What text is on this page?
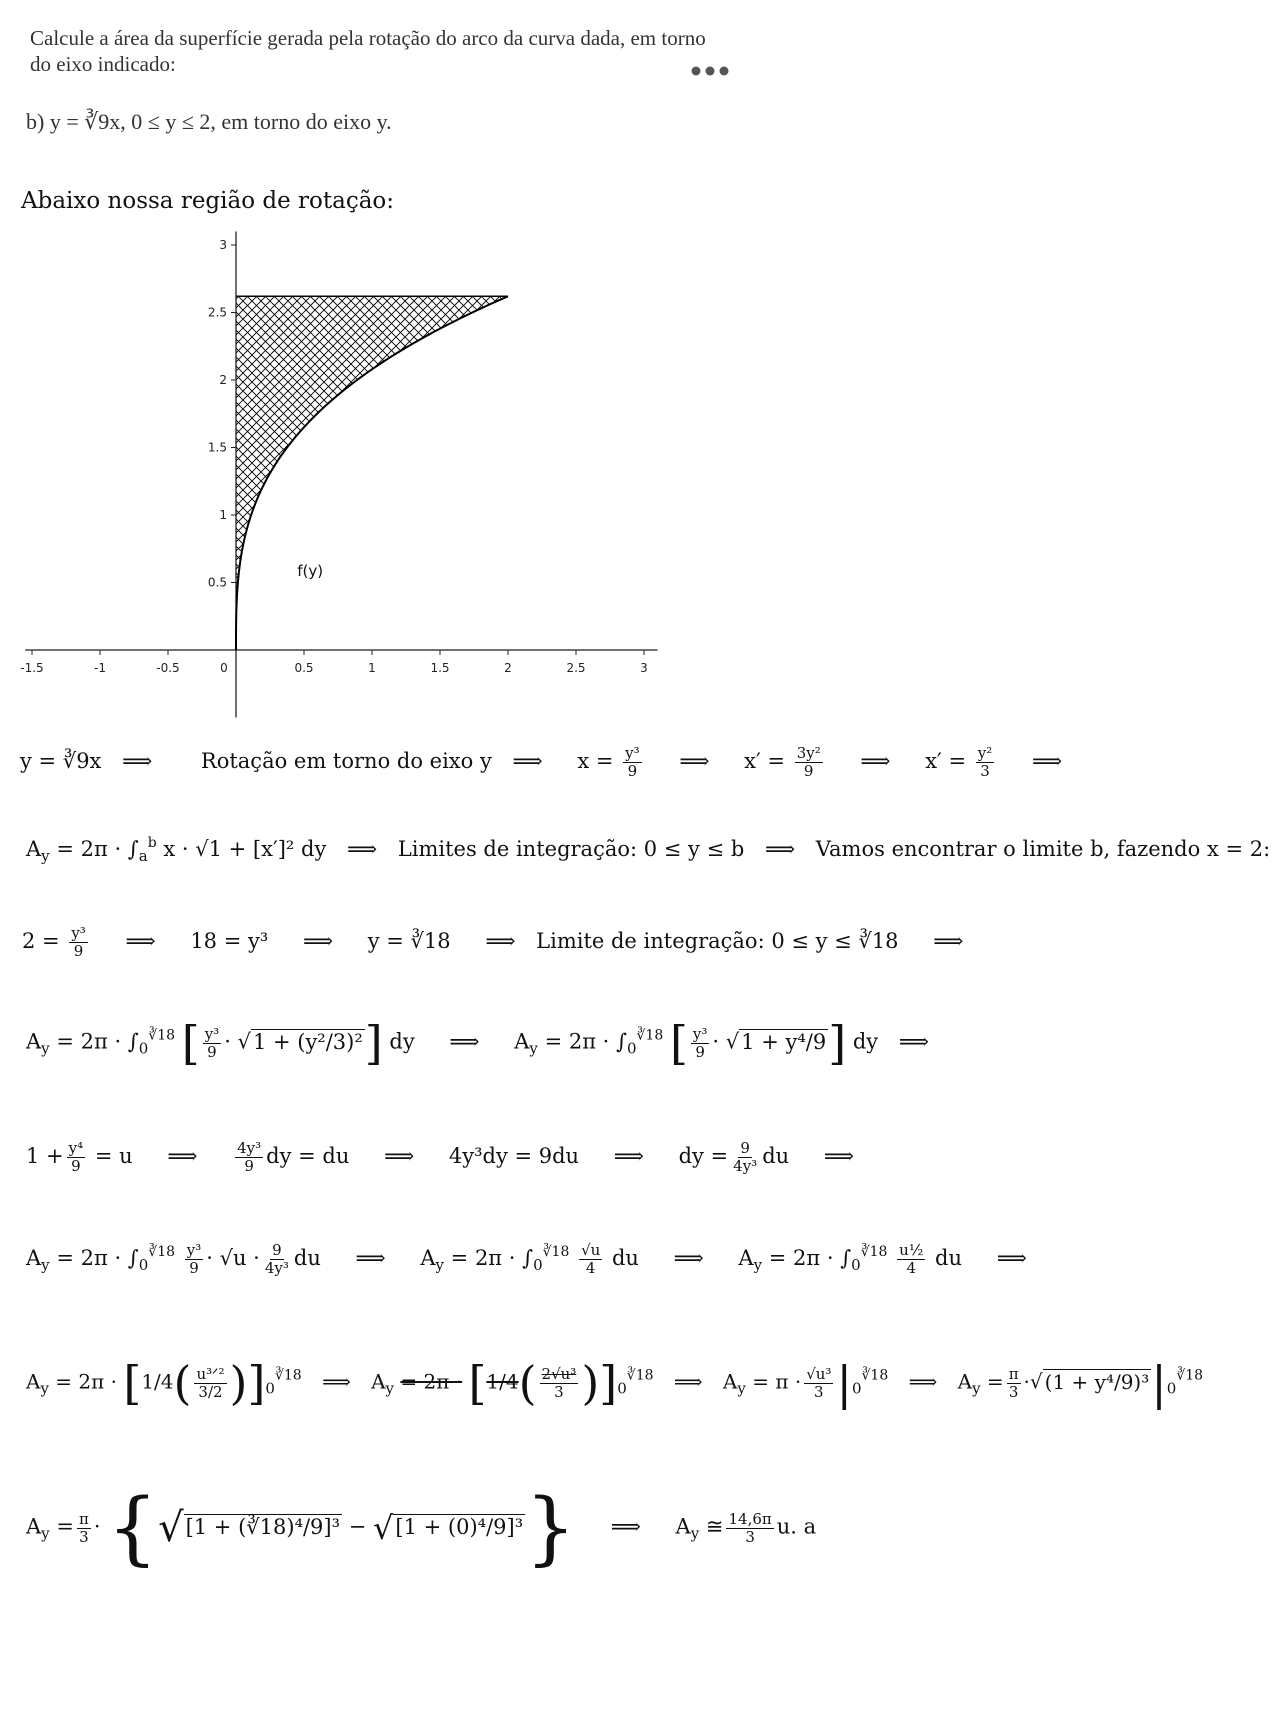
Calcule a área da superfície gerada pela rotação do arco da curva dada, em torno
do eixo indicado:
b) y = ∛9x, 0 ≤ y ≤ 2, em torno do eixo y.
Abaixo nossa região de rotação:
-1.5	-1	-0.5	0	0.5	1	1.5	2	2.5	3
0.5
1
1.5
2
2.5
3
f(y)
y = ∛9x ⟹ Rotação em torno do eixo y ⟹ $x = \frac{\text{y³}}{9}$ ⟹ $x' = \frac{\text{3y²}}{9}$ ⟹ $x' = \frac{\text{y²}}{3}$ ⟹
$A_y = 2\pi \cdot \int_a^b$ x · √1 + [x′]² dy ⟹ Limites de integração: 0 ≤ y ≤ b ⟹ Vamos encontrar o limite b, fazendo x = 2:
$2 = \frac{\text{y³}}{9}$ ⟹ 18 = y³ ⟹ y = ∛18 ⟹ Limite de integração: 0 ≤ y ≤ ∛18 ⟹
$A_y = 2\pi \cdot \int_0^{∛18}$ [ $\frac{\text{y³}}{9} \cdot √1 + (y^2/3)^2$] dy ⟹ $A_y = 2\pi \cdot \int_0^{∛18}$ [ $\frac{\text{y³}}{9} \cdot √1 + y^4/9$] dy ⟹
$1 + \frac{\text{y⁴}}{9} = u$ ⟹	$\frac{\text{4y³}}{9}$ dy = du ⟹ 4y³dy = 9du ⟹ dy = $\frac{9}{\text{4y³}}$ du ⟹
$A_y = 2\pi \cdot \int_0^{∛18} \frac{\text{y³}}{9} \cdot √u \cdot \frac{9}{\text{4y³}}$ du ⟹ $A_y = 2\pi \cdot \int_0^{∛18} \frac{√u}{4}$ du ⟹ $A_y = 2\pi \cdot \int_0^{∛18} \frac{\text{u½}}{4}$ du ⟹
$A_y = 2\pi \cdot [1/4( \frac{\text{u³ᐟ²}}{3/2} )]_0^{∛18}$ ⟹ $A_y = 2\pi \cdot [1/4( \frac{\text{2√u³}}{3} )]_0^{∛18}$ ⟹ $A_y = \pi \cdot \frac{\text{√u³}}{3} |_0^{∛18}$ ⟹ $A_y = \frac{\pi}{3}$ ·√ $(1 + y^4/9)^3|_0^{∛18}$
$A_y = \frac{\pi}{3} \cdot \{√[1$ + (∛18)⁴/9]³ − √[1 + (0)⁴/9]³} ⟹ $A_y$ ≅ $\frac{14,6\pi}{3} u$. a
